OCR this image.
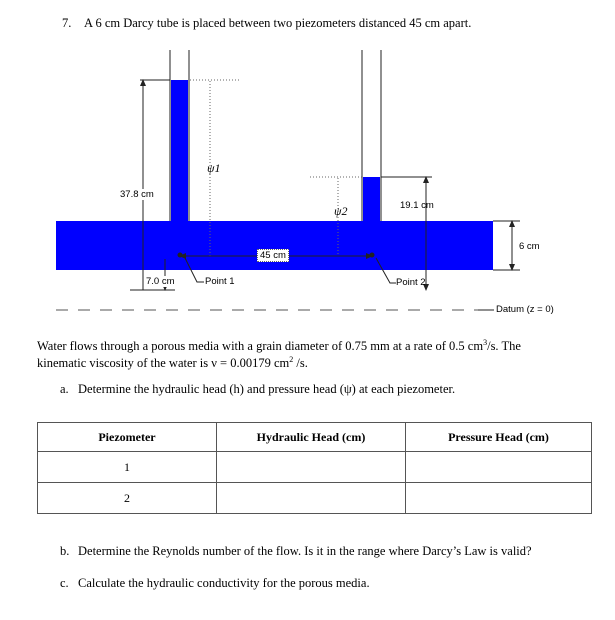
7. A 6 cm Darcy tube is placed between two piezometers distanced 45 cm apart.
37.8 cm
19.1 cm
6 cm
7.0 cm
45 cm
ψ1
ψ2
Point 1	Point 2
Datum (z = 0)
Water flows through a porous media with a grain diameter of 0.75 mm at a rate of 0.5 $cm^3/s$. The
kinematic viscosity of the water is ν = 0.00179 $cm^2$ /s.
a. Determine the hydraulic head (h) and pressure head (ψ) at each piezometer.
Piezometer	Hydraulic Head (cm)	Pressure Head (cm)
1		
2		
b. Determine the Reynolds number of the flow. Is it in the range where Darcy’s Law is valid?
c. Calculate the hydraulic conductivity for the porous media.
